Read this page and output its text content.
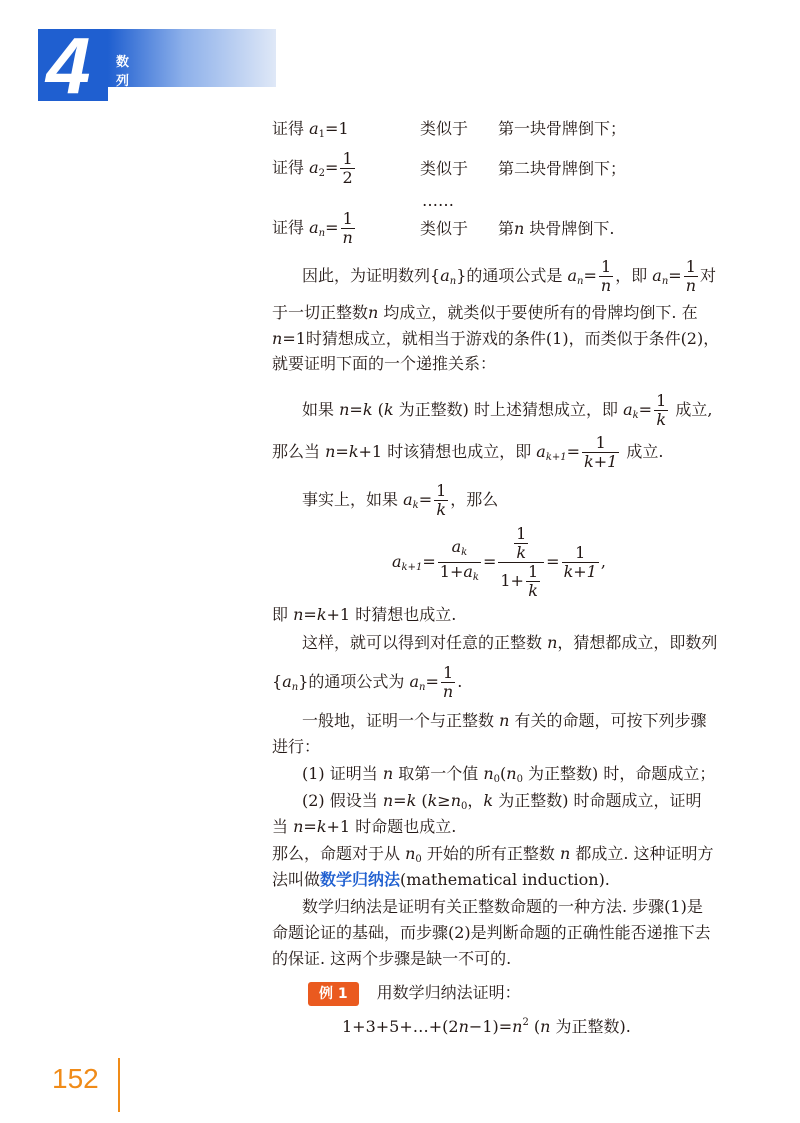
4 数列
证得 $a_1=1$	类似于 第一块骨牌倒下；
证得 $a_2= \frac{1}{2}$	类似于 第二块骨牌倒下；
……
证得 $a_n= \frac{1}{n}$	类似于 第n 块骨牌倒下.
因此，为证明数列$\{a_n\}$的通项公式是 $a_n= \frac{1}{n}$ ，即 $a_n= \frac{1}{n}$ 对
于一切正整数n 均成立，就类似于要使所有的骨牌均倒下. 在
n=1时猜想成立，就相当于游戏的条件(1)，而类似于条件(2)，
就要证明下面的一个递推关系：
如果 n=k (k 为正整数) 时上述猜想成立，即 $a_k= \frac{1}{k}$ 成立,
那么当 n=k+1 时该猜想也成立，即 $a_{k+1}= \frac{1}{k+1}$ 成立.
事实上，如果 $a_k= \frac{1}{k}$ ，那么
$a_{k+1}= \frac{a_k}{1+a_k} = \frac{\frac{1}{k}}{1+ \frac{1}{k}} = \frac{1}{k+1}$ ,
即 n=k+1 时猜想也成立.
这样，就可以得到对任意的正整数 n，猜想都成立，即数列
$\{a_n\}$的通项公式为 $a_n= \frac{1}{n}$ .
一般地，证明一个与正整数 n 有关的命题，可按下列步骤
进行：
(1) 证明当 n 取第一个值 $n_0(n_0$ 为正整数) 时，命题成立；
(2) 假设当 n=k ($k\ge n_0$，k 为正整数) 时命题成立，证明
当 n=k+1 时命题也成立.
那么，命题对于从 $n_0$ 开始的所有正整数 n 都成立. 这种证明方
法叫做数学归纳法(mathematical induction).
数学归纳法是证明有关正整数命题的一种方法. 步骤(1)是
命题论证的基础，而步骤(2)是判断命题的正确性能否递推下去
的保证. 这两个步骤是缺一不可的.
例 1 用数学归纳法证明：
$1+3+5+\dots+(2n-1)=n^2$ (n 为正整数).
152
